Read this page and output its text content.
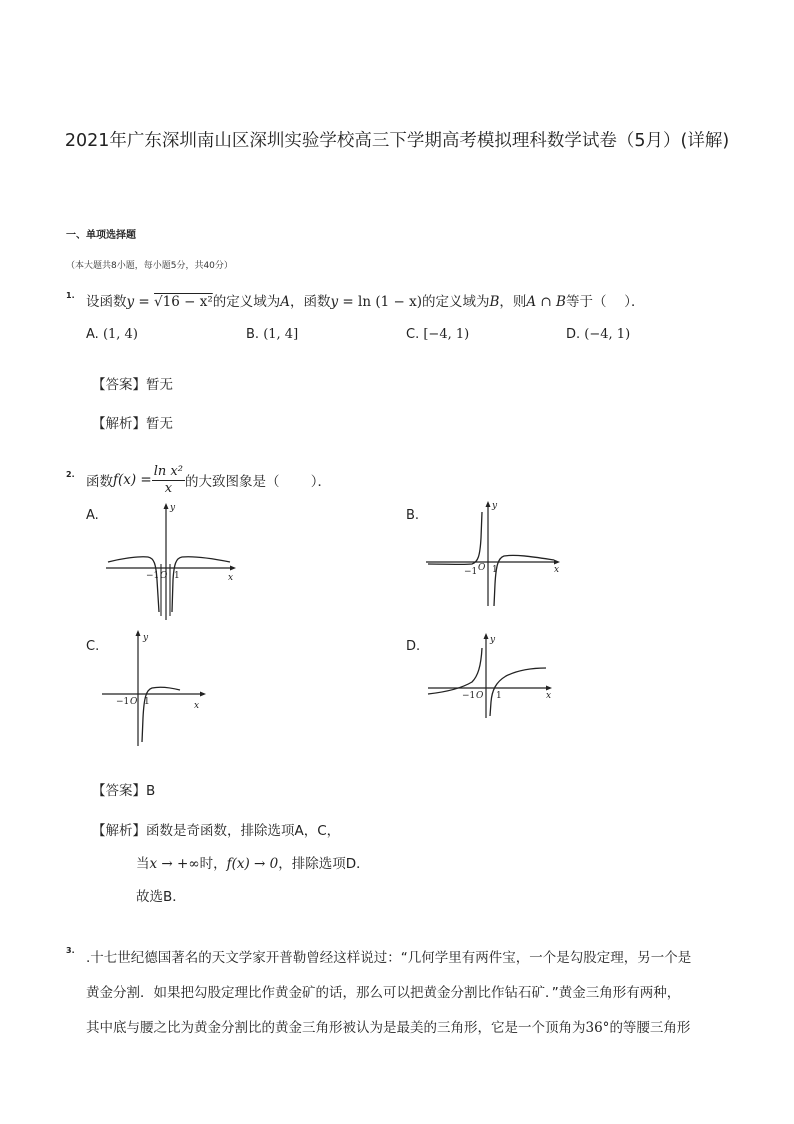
2021年广东深圳南山区深圳实验学校高三下学期高考模拟理科数学试卷（5月）(详解)
一、单项选择题
（本大题共8小题，每小题5分，共40分）
1. 设函数y = √16 − x²的定义域为A，函数y = ln (1 − x)的定义域为B，则A ∩ B等于（　 ）．
A. (1, 4)	B. (1, 4]	C. [−4, 1)	D. (−4, 1)
【答案】暂无
【解析】暂无
2. 函数 $f(x) = \frac{\text{ln x²}}{x}$ 的大致图象是（　　 ）．
A.	y
x
−1 O 1
B.
y
x
−1 O 1
C.
y
x
−1 O 1
D.	y
x
−1 O 1
【答案】B
【解析】函数是奇函数，排除选项A，C，
当x → +∞时，f(x) → 0，排除选项D．
故选B．
3. .十七世纪德国著名的天文学家开普勒曾经这样说过：“几何学里有两件宝，一个是勾股定理，另一个是
黄金分割．如果把勾股定理比作黄金矿的话，那么可以把黄金分割比作钻石矿．”黄金三角形有两种，
其中底与腰之比为黄金分割比的黄金三角形被认为是最美的三角形，它是一个顶角为36°的等腰三角形
